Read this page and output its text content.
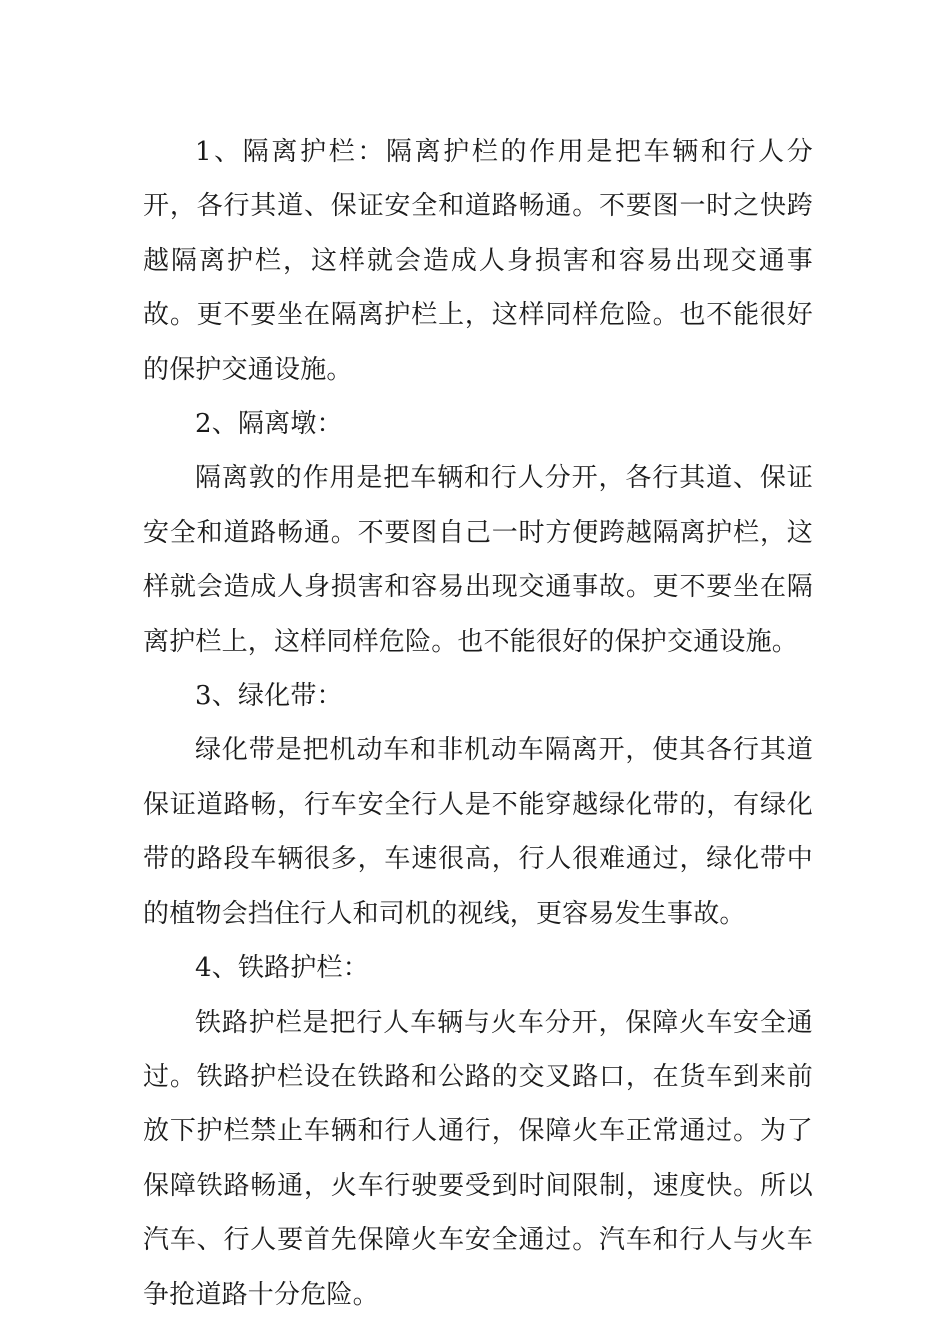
1、隔离护栏：隔离护栏的作用是把车辆和行人分开，各行其道、保证安全和道路畅通。不要图一时之快跨越隔离护栏，这样就会造成人身损害和容易出现交通事故。更不要坐在隔离护栏上，这样同样危险。也不能很好的保护交通设施。

2、隔离墩：

隔离敦的作用是把车辆和行人分开，各行其道、保证安全和道路畅通。不要图自己一时方便跨越隔离护栏，这样就会造成人身损害和容易出现交通事故。更不要坐在隔离护栏上，这样同样危险。也不能很好的保护交通设施。

3、绿化带：

绿化带是把机动车和非机动车隔离开，使其各行其道保证道路畅，行车安全行人是不能穿越绿化带的，有绿化带的路段车辆很多，车速很高，行人很难通过，绿化带中的植物会挡住行人和司机的视线，更容易发生事故。

4、铁路护栏：

铁路护栏是把行人车辆与火车分开，保障火车安全通过。铁路护栏设在铁路和公路的交叉路口，在货车到来前放下护栏禁止车辆和行人通行，保障火车正常通过。为了保障铁路畅通，火车行驶要受到时间限制，速度快。所以汽车、行人要首先保障火车安全通过。汽车和行人与火车争抢道路十分危险。
